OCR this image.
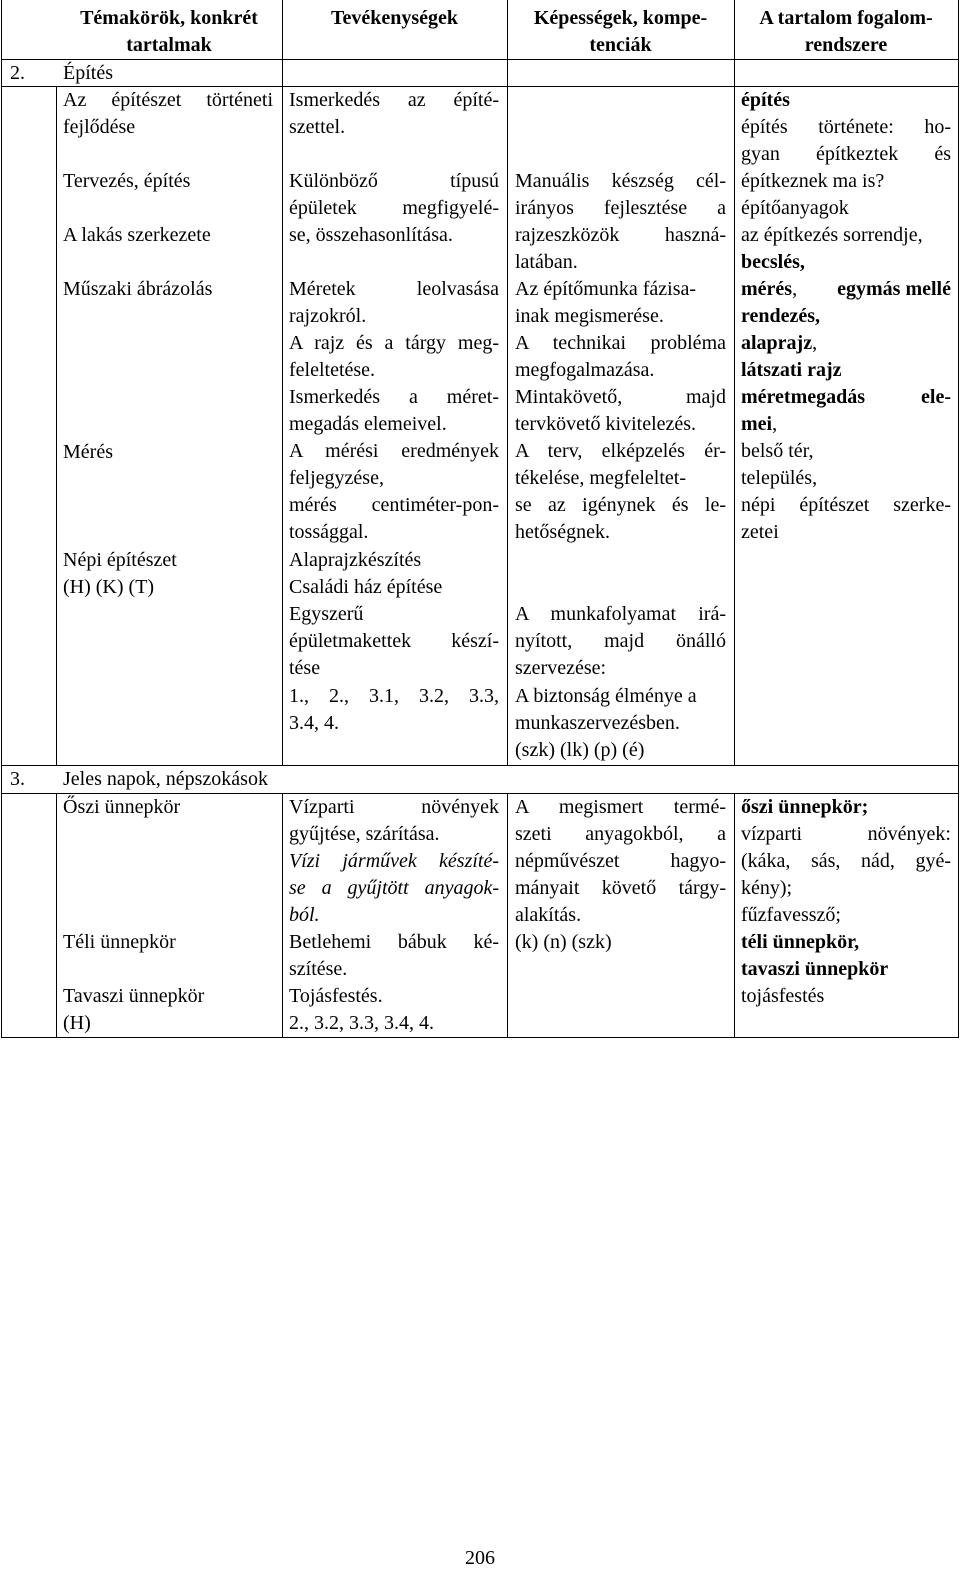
Témakörök, konkrét
tartalmak
Tevékenységek	Képességek, kompe-
tenciák
A tartalom fogalom-
rendszere
2. Építés
Az építészet történeti
fejlődése
Tervezés, építés
A lakás szerkezete
Műszaki ábrázolás
Mérés
Népi építészet
(H) (K) (T)
Ismerkedés az építé-
szettel.
Különböző típusú
épületek megfigyelé-
se, összehasonlítása.
Méretek leolvasása
rajzokról.
A rajz és a tárgy meg-
feleltetése.
Ismerkedés a méret-
megadás elemeivel.
A mérési eredmények
feljegyzése,
mérés centiméter-pon-
tossággal.
Alaprajzkészítés
Családi ház építése
Egyszerű
épületmakettek készí-
tése
1., 2., 3.1, 3.2, 3.3,
3.4, 4.
Manuális készség cél-
irányos fejlesztése a
rajzeszközök haszná-
latában.
Az építőmunka fázisa-
inak megismerése.
A technikai probléma
megfogalmazása.
Mintakövető, majd
tervkövető kivitelezés.
A terv, elképzelés ér-
tékelése, megfeleltet-
se az igénynek és le-
hetőségnek.
A munkafolyamat irá-
nyított, majd önálló
szervezése:
A biztonság élménye a
munkaszervezésben.
(szk) (lk) (p) (é)
építés
építés története: ho-
gyan építkeztek és
építkeznek ma is?
építőanyagok
az építkezés sorrendje,
becslés,
mérés, egymás mellé
rendezés,
alaprajz,
látszati rajz
méretmegadás	ele-
mei,
belső tér,
település,
népi építészet szerke-
zetei
3. Jeles napok, népszokások
Őszi ünnepkör
Téli ünnepkör
Tavaszi ünnepkör
(H)
Vízparti növények
gyűjtése, szárítása.
Vízi járművek készíté-
se a gyűjtött anyagok-
ból.
Betlehemi bábuk ké-
szítése.
Tojásfestés.
2., 3.2, 3.3, 3.4, 4.
A megismert termé-
szeti anyagokból, a
népművészet hagyo-
mányait követő tárgy-
alakítás.
(k) (n) (szk)
őszi ünnepkör;
vízparti növények:
(káka, sás, nád, gyé-
kény);
fűzfavessző;
téli ünnepkör,
tavaszi ünnepkör
tojásfestés
206
